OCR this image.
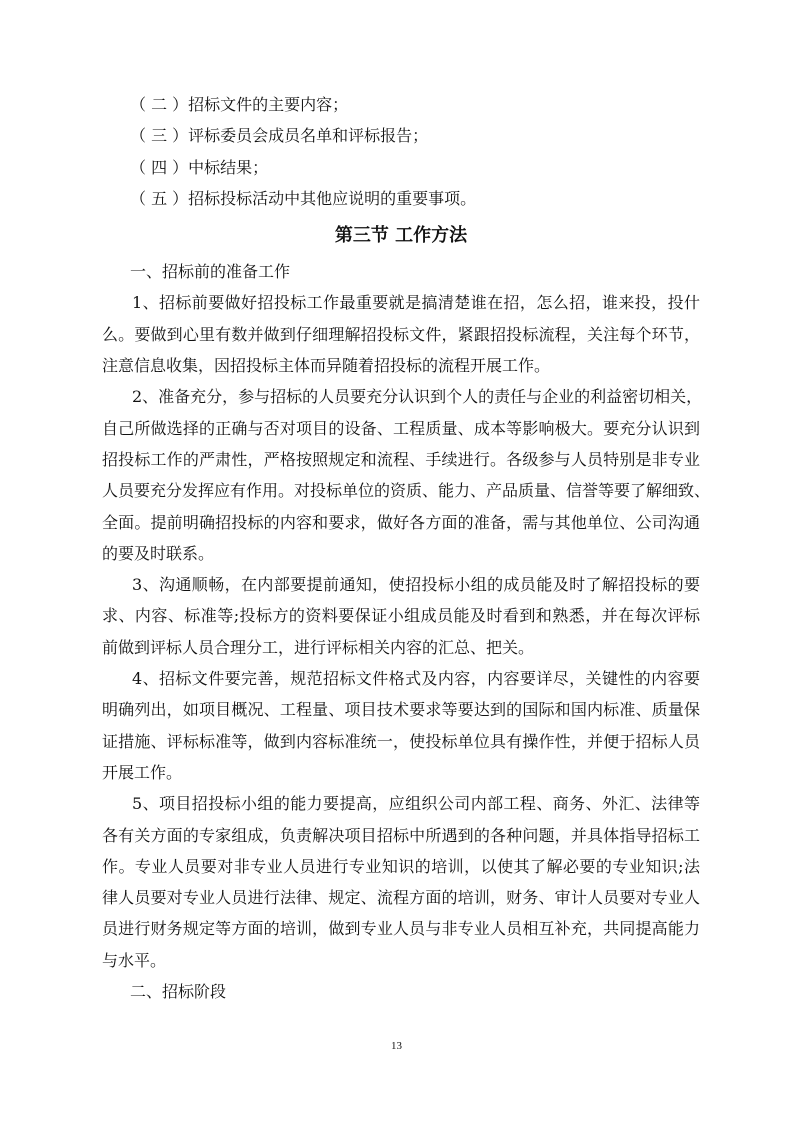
（ 二 ）招标文件的主要内容；
（ 三 ）评标委员会成员名单和评标报告；
（ 四 ）中标结果；
（ 五 ）招标投标活动中其他应说明的重要事项。
第三节 工作方法
一、招标前的准备工作
1、招标前要做好招投标工作最重要就是搞清楚谁在招，怎么招，谁来投，投什
么。要做到心里有数并做到仔细理解招投标文件，紧跟招投标流程，关注每个环节，
注意信息收集，因招投标主体而异随着招投标的流程开展工作。
2、准备充分，参与招标的人员要充分认识到个人的责任与企业的利益密切相关，
自己所做选择的正确与否对项目的设备、工程质量、成本等影响极大。要充分认识到
招投标工作的严肃性，严格按照规定和流程、手续进行。各级参与人员特别是非专业
人员要充分发挥应有作用。对投标单位的资质、能力、产品质量、信誉等要了解细致、
全面。提前明确招投标的内容和要求，做好各方面的准备，需与其他单位、公司沟通
的要及时联系。
3、沟通顺畅，在内部要提前通知，使招投标小组的成员能及时了解招投标的要
求、内容、标准等;投标方的资料要保证小组成员能及时看到和熟悉，并在每次评标
前做到评标人员合理分工，进行评标相关内容的汇总、把关。
4、招标文件要完善，规范招标文件格式及内容，内容要详尽，关键性的内容要
明确列出，如项目概况、工程量、项目技术要求等要达到的国际和国内标准、质量保
证措施、评标标准等，做到内容标准统一，使投标单位具有操作性，并便于招标人员
开展工作。
5、项目招投标小组的能力要提高，应组织公司内部工程、商务、外汇、法律等
各有关方面的专家组成，负责解决项目招标中所遇到的各种问题，并具体指导招标工
作。专业人员要对非专业人员进行专业知识的培训，以使其了解必要的专业知识;法
律人员要对专业人员进行法律、规定、流程方面的培训，财务、审计人员要对专业人
员进行财务规定等方面的培训，做到专业人员与非专业人员相互补充，共同提高能力
与水平。
二、招标阶段
13
